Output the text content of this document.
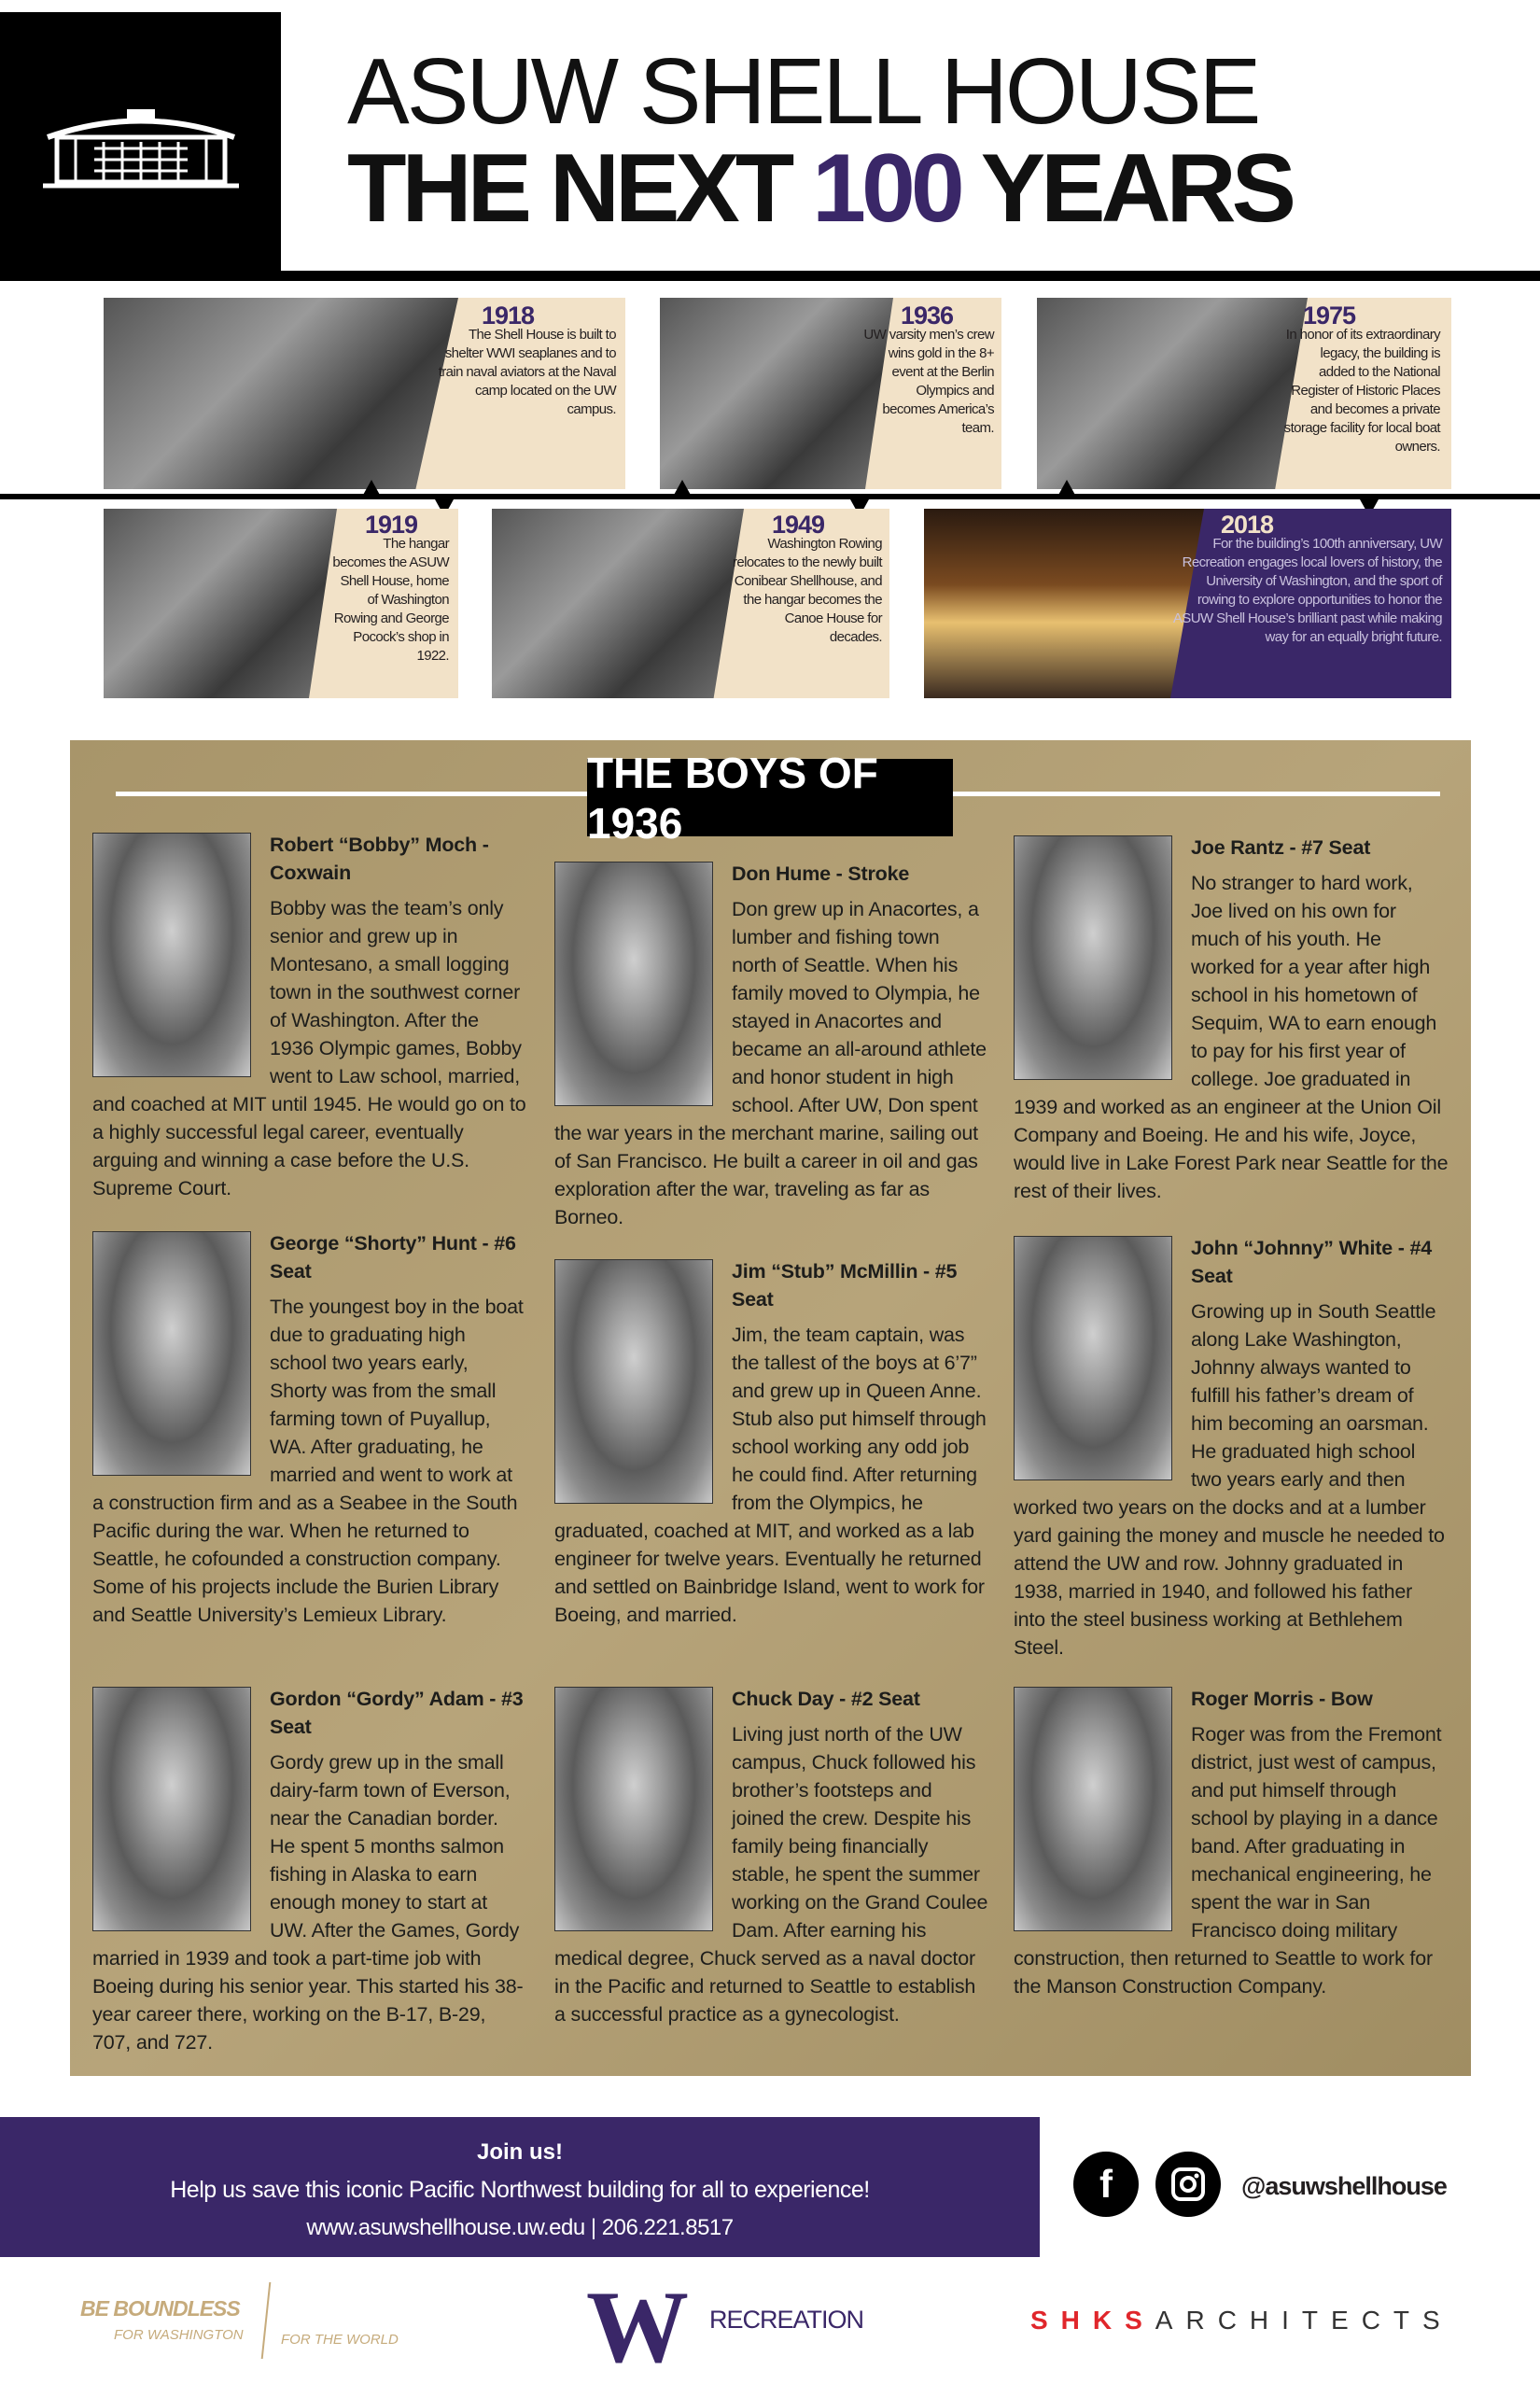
ASUW SHELL HOUSE
THE NEXT 100 YEARS
1918
The Shell House is built to shelter WWI seaplanes and to train naval aviators at the Naval camp located on the UW campus.
1936
UW varsity men’s crew wins gold in the 8+ event at the Berlin Olympics and becomes America’s team.
1975
In honor of its extraordinary legacy, the building is added to the National Register of Historic Places and becomes a private storage facility for local boat owners.
1919
The hangar becomes the ASUW Shell House, home of Washington Rowing and George Pocock’s shop in 1922.
1949
Washington Rowing relocates to the newly built Conibear Shellhouse, and the hangar becomes the Canoe House for decades.
2018
For the building’s 100th anniversary, UW Recreation engages local lovers of history, the University of Washington, and the sport of rowing to explore opportunities to honor the ASUW Shell House’s brilliant past while making way for an equally bright future.
THE BOYS OF 1936
Robert “Bobby” Moch - Coxwain
Bobby was the team’s only senior and grew up in Montesano, a small logging town in the southwest corner of Washington. After the 1936 Olympic games, Bobby went to Law school, married, and coached at MIT until 1945. He would go on to a highly successful legal career, eventually arguing and winning a case before the U.S. Supreme Court.
Don Hume - Stroke
Don grew up in Anacortes, a lumber and fishing town north of Seattle. When his family moved to Olympia, he stayed in Anacortes and became an all-around athlete and honor student in high school. After UW, Don spent the war years in the merchant marine, sailing out of San Francisco. He built a career in oil and gas exploration after the war, traveling as far as Borneo.
Joe Rantz - #7 Seat
No stranger to hard work, Joe lived on his own for much of his youth. He worked for a year after high school in his hometown of Sequim, WA to earn enough to pay for his first year of college. Joe graduated in 1939 and worked as an engineer at the Union Oil Company and Boeing. He and his wife, Joyce, would live in Lake Forest Park near Seattle for the rest of their lives.
George “Shorty” Hunt - #6 Seat
The youngest boy in the boat due to graduating high school two years early, Shorty was from the small farming town of Puyallup, WA. After graduating, he married and went to work at a construction firm and as a Seabee in the South Pacific during the war. When he returned to Seattle, he cofounded a construction company. Some of his projects include the Burien Library and Seattle University’s Lemieux Library.
Jim “Stub” McMillin - #5 Seat
Jim, the team captain, was the tallest of the boys at 6’7” and grew up in Queen Anne. Stub also put himself through school working any odd job he could find. After returning from the Olympics, he graduated, coached at MIT, and worked as a lab engineer for twelve years. Eventually he returned and settled on Bainbridge Island, went to work for Boeing, and married.
John “Johnny” White - #4 Seat
Growing up in South Seattle along Lake Washington, Johnny always wanted to fulfill his father’s dream of him becoming an oarsman. He graduated high school two years early and then worked two years on the docks and at a lumber yard gaining the money and muscle he needed to attend the UW and row. Johnny graduated in 1938, married in 1940, and followed his father into the steel business working at Bethlehem Steel.
Gordon “Gordy” Adam - #3 Seat
Gordy grew up in the small dairy-farm town of Everson, near the Canadian border. He spent 5 months salmon fishing in Alaska to earn enough money to start at UW. After the Games, Gordy married in 1939 and took a part-time job with Boeing during his senior year. This started his 38-year career there, working on the B-17, B-29, 707, and 727.
Chuck Day - #2 Seat
Living just north of the UW campus, Chuck followed his brother’s footsteps and joined the crew. Despite his family being financially stable, he spent the summer working on the Grand Coulee Dam. After earning his medical degree, Chuck served as a naval doctor in the Pacific and returned to Seattle to establish a successful practice as a gynecologist.
Roger Morris - Bow
Roger was from the Fremont district, just west of campus, and put himself through school by playing in a dance band. After graduating in mechanical engineering, he spent the war in San Francisco doing military construction, then returned to Seattle to work for the Manson Construction Company.
Join us!
Help us save this iconic Pacific Northwest building for all to experience!
www.asuwshellhouse.uw.edu | 206.221.8517
f	@asuwshellhouse
BE BOUNDLESS
FOR WASHINGTON	FOR THE WORLD W RECREATION	SHKSARCHITECTS
